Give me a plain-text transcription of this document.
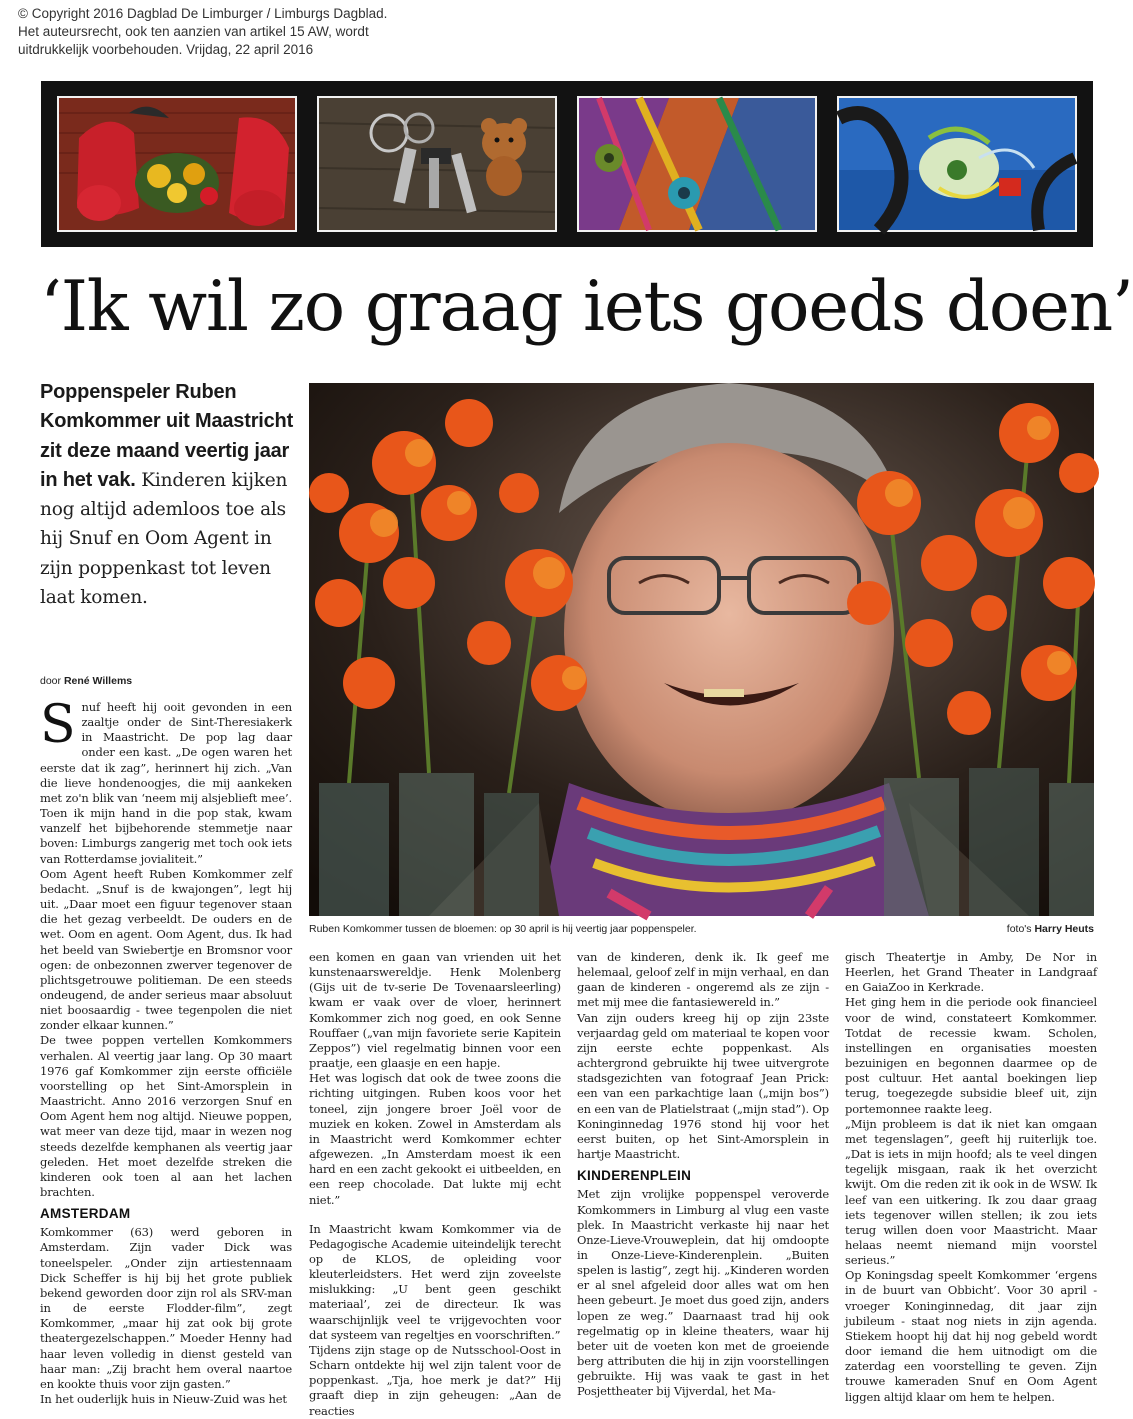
© Copyright 2016 Dagblad De Limburger / Limburgs Dagblad.
Het auteursrecht, ook ten aanzien van artikel 15 AW, wordt
uitdrukkelijk voorbehouden. Vrijdag, 22 april 2016
‘Ik wil zo graag iets goeds doen’
Poppenspeler Ruben Komkommer uit Maastricht zit deze maand veertig jaar in het vak. Kinderen kijken nog altijd ademloos toe als hij Snuf en Oom Agent in zijn poppenkast tot leven laat komen.
door René Willems
Ruben Komkommer tussen de bloemen: op 30 april is hij veertig jaar poppenspeler.	foto's Harry Heuts

Snuf heeft hij ooit gevonden in een zaaltje onder de Sint-Theresiakerk in Maastricht. De pop lag daar onder een kast. „De ogen waren het eerste dat ik zag”, herinnert hij zich. „Van die lieve hondenoogjes, die mij aankeken met zo'n blik van ‘neem mij alsjeblieft mee’. Toen ik mijn hand in die pop stak, kwam vanzelf het bijbehorende stemmetje naar boven: Limburgs zangerig met toch ook iets van Rotterdamse jovialiteit.”

Oom Agent heeft Ruben Komkommer zelf bedacht. „Snuf is de kwajongen”, legt hij uit. „Daar moet een figuur tegenover staan die het gezag verbeeldt. De ouders en de wet. Oom en agent. Oom Agent, dus. Ik had het beeld van Swiebertje en Bromsnor voor ogen: de onbezonnen zwerver tegenover de plichtsgetrouwe politieman. De een steeds ondeugend, de ander serieus maar absoluut niet boosaardig - twee tegenpolen die niet zonder elkaar kunnen.”

De twee poppen vertellen Komkommers verhalen. Al veertig jaar lang. Op 30 maart 1976 gaf Komkommer zijn eerste officiële voorstelling op het Sint-Amorsplein in Maastricht. Anno 2016 verzorgen Snuf en Oom Agent hem nog altijd. Nieuwe poppen, wat meer van deze tijd, maar in wezen nog steeds dezelfde kemphanen als veertig jaar geleden. Het moet dezelfde streken die kinderen ook toen al aan het lachen brachten.

AMSTERDAM

Komkommer (63) werd geboren in Amsterdam. Zijn vader Dick was toneelspeler. „Onder zijn artiestennaam Dick Scheffer is hij bij het grote publiek bekend geworden door zijn rol als SRV-man in de eerste Flodder-film”, zegt Komkommer, „maar hij zat ook bij grote theatergezelschappen.” Moeder Henny had haar leven volledig in dienst gesteld van haar man: „Zij bracht hem overal naartoe en kookte thuis voor zijn gasten.”

In het ouderlijk huis in Nieuw-Zuid was het

een komen en gaan van vrienden uit het kunstenaarswereldje. Henk Molenberg (Gijs uit de tv-serie De Tovenaarsleerling) kwam er vaak over de vloer, herinnert Komkommer zich nog goed, en ook Senne Rouffaer („van mijn favoriete serie Kapitein Zeppos”) viel regelmatig binnen voor een praatje, een glaasje en een hapje.

Het was logisch dat ook de twee zoons die richting uitgingen. Ruben koos voor het toneel, zijn jongere broer Joël voor de muziek en koken. Zowel in Amsterdam als in Maastricht werd Komkommer echter afgewezen. „In Amsterdam moest ik een hard en een zacht gekookt ei uitbeelden, en een reep chocolade. Dat lukte mij echt niet.”

In Maastricht kwam Komkommer via de Pedagogische Academie uiteindelijk terecht op de KLOS, de opleiding voor kleuterleidsters. Het werd zijn zoveelste mislukking: „U bent geen geschikt materiaal’, zei de directeur. Ik was waarschijnlijk veel te vrijgevochten voor dat systeem van regeltjes en voorschriften.”

Tijdens zijn stage op de Nutsschool-Oost in Scharn ontdekte hij wel zijn talent voor de poppenkast. „Tja, hoe merk je dat?” Hij graaft diep in zijn geheugen: „Aan de reacties

van de kinderen, denk ik. Ik geef me helemaal, geloof zelf in mijn verhaal, en dan gaan de kinderen - ongeremd als ze zijn - met mij mee die fantasiewereld in.”

Van zijn ouders kreeg hij op zijn 23ste verjaardag geld om materiaal te kopen voor zijn eerste echte poppenkast. Als achtergrond gebruikte hij twee uitvergrote stadsgezichten van fotograaf Jean Prick: een van een parkachtige laan („mijn bos”) en een van de Platielstraat („mijn stad”). Op Koninginnedag 1976 stond hij voor het eerst buiten, op het Sint-Amorsplein in hartje Maastricht.

KINDERENPLEIN

Met zijn vrolijke poppenspel veroverde Komkommers in Limburg al vlug een vaste plek. In Maastricht verkaste hij naar het Onze-Lieve-Vrouweplein, dat hij omdoopte in Onze-Lieve-Kinderenplein. „Buiten spelen is lastig”, zegt hij. „Kinderen worden er al snel afgeleid door alles wat om hen heen gebeurt. Je moet dus goed zijn, anders lopen ze weg.” Daarnaast trad hij ook regelmatig op in kleine theaters, waar hij beter uit de voeten kon met de groeiende berg attributen die hij in zijn voorstellingen gebruikte. Hij was vaak te gast in het Posjettheater bij Vijverdal, het Ma-

gisch Theatertje in Amby, De Nor in Heerlen, het Grand Theater in Landgraaf en GaiaZoo in Kerkrade.

Het ging hem in die periode ook financieel voor de wind, constateert Komkommer. Totdat de recessie kwam. Scholen, instellingen en organisaties moesten bezuinigen en begonnen daarmee op de post cultuur. Het aantal boekingen liep terug, toegezegde subsidie bleef uit, zijn portemonnee raakte leeg.

„Mijn probleem is dat ik niet kan omgaan met tegenslagen”, geeft hij ruiterlijk toe. „Dat is iets in mijn hoofd; als te veel dingen tegelijk misgaan, raak ik het overzicht kwijt. Om die reden zit ik ook in de WSW. Ik leef van een uitkering. Ik zou daar graag iets tegenover willen stellen; ik zou iets terug willen doen voor Maastricht. Maar helaas neemt niemand mijn voorstel serieus.”

Op Koningsdag speelt Komkommer ‘ergens in de buurt van Obbicht’. Voor 30 april - vroeger Koninginnedag, dit jaar zijn jubileum - staat nog niets in zijn agenda. Stiekem hoopt hij dat hij nog gebeld wordt door iemand die hem uitnodigt om die zaterdag een voorstelling te geven. Zijn trouwe kameraden Snuf en Oom Agent liggen altijd klaar om hem te helpen.
